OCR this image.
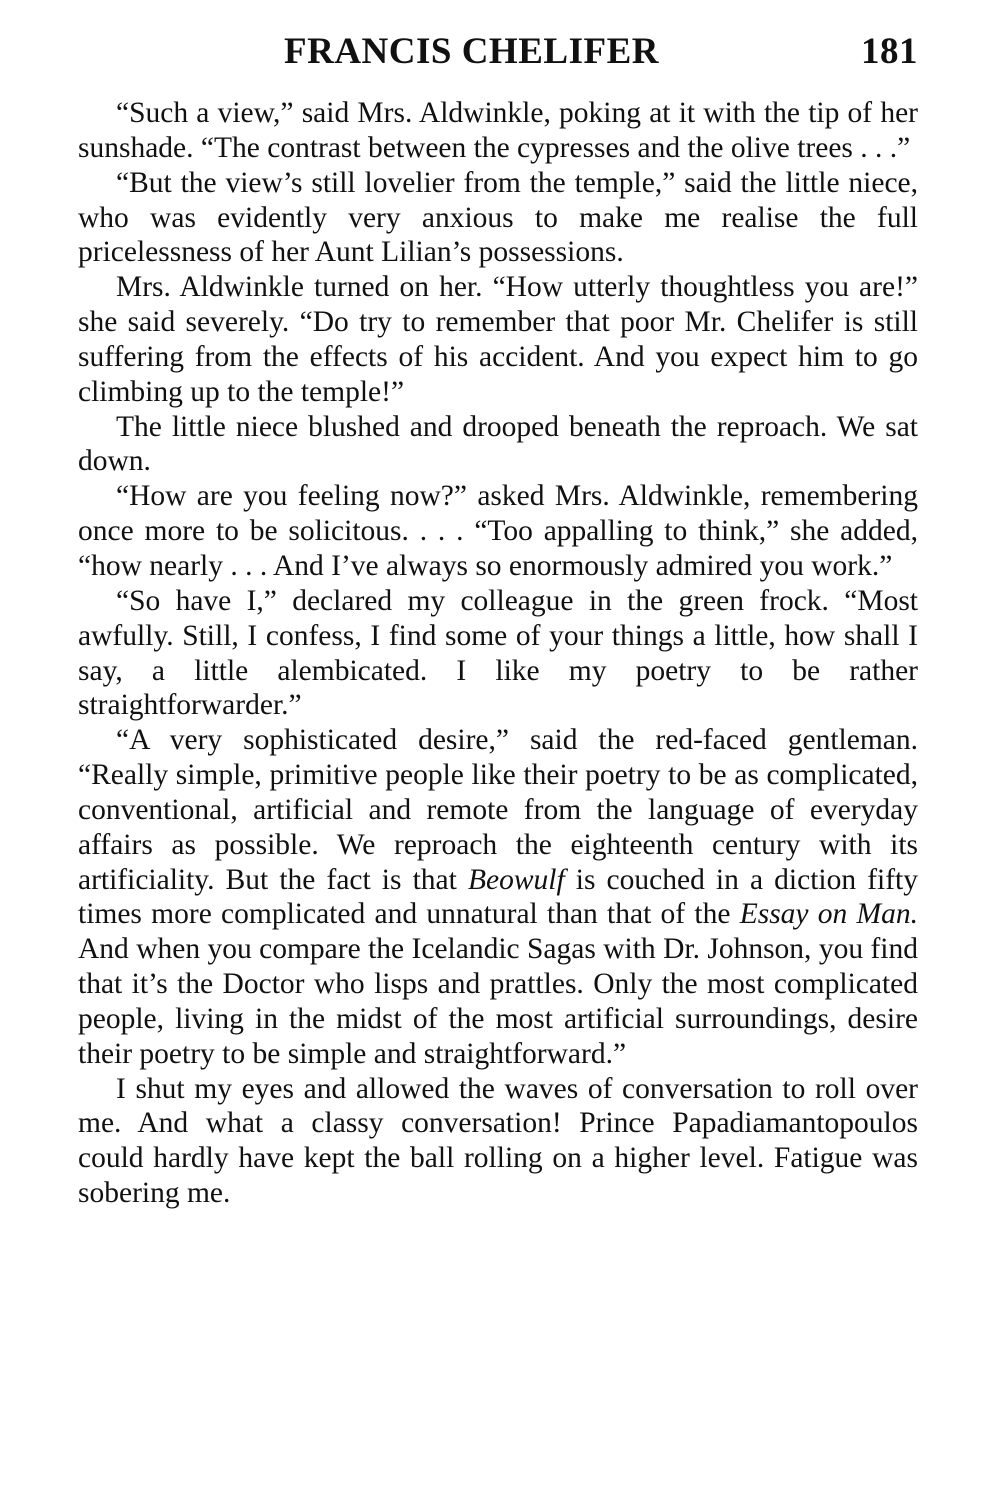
FRANCIS CHELIFER	181

“Such a view,” said Mrs. Aldwinkle, poking at it with the tip of her sunshade. “The contrast between the cypresses and the olive trees . . .”

“But the view’s still lovelier from the temple,” said the little niece, who was evidently very anxious to make me realise the full pricelessness of her Aunt Lilian’s possessions.

Mrs. Aldwinkle turned on her. “How utterly thoughtless you are!” she said severely. “Do try to remember that poor Mr. Chelifer is still suffering from the effects of his accident. And you expect him to go climbing up to the temple!”

The little niece blushed and drooped beneath the reproach. We sat down.

“How are you feeling now?” asked Mrs. Aldwinkle, remembering once more to be solicitous. . . . “Too appalling to think,” she added, “how nearly . . . And I’ve always so enormously admired you work.”

“So have I,” declared my colleague in the green frock. “Most awfully. Still, I confess, I find some of your things a little, how shall I say, a little alembicated. I like my poetry to be rather straightforwarder.”

“A very sophisticated desire,” said the red-faced gentleman. “Really simple, primitive people like their poetry to be as complicated, conventional, artificial and remote from the language of everyday affairs as possible. We reproach the eighteenth century with its artificiality. But the fact is that Beowulf is couched in a diction fifty times more complicated and unnatural than that of the Essay on Man. And when you compare the Icelandic Sagas with Dr. Johnson, you find that it’s the Doctor who lisps and prattles. Only the most complicated people, living in the midst of the most artificial surroundings, desire their poetry to be simple and straightforward.”

I shut my eyes and allowed the waves of conversation to roll over me. And what a classy conversation! Prince Papadiamantopoulos could hardly have kept the ball rolling on a higher level. Fatigue was sobering me.
